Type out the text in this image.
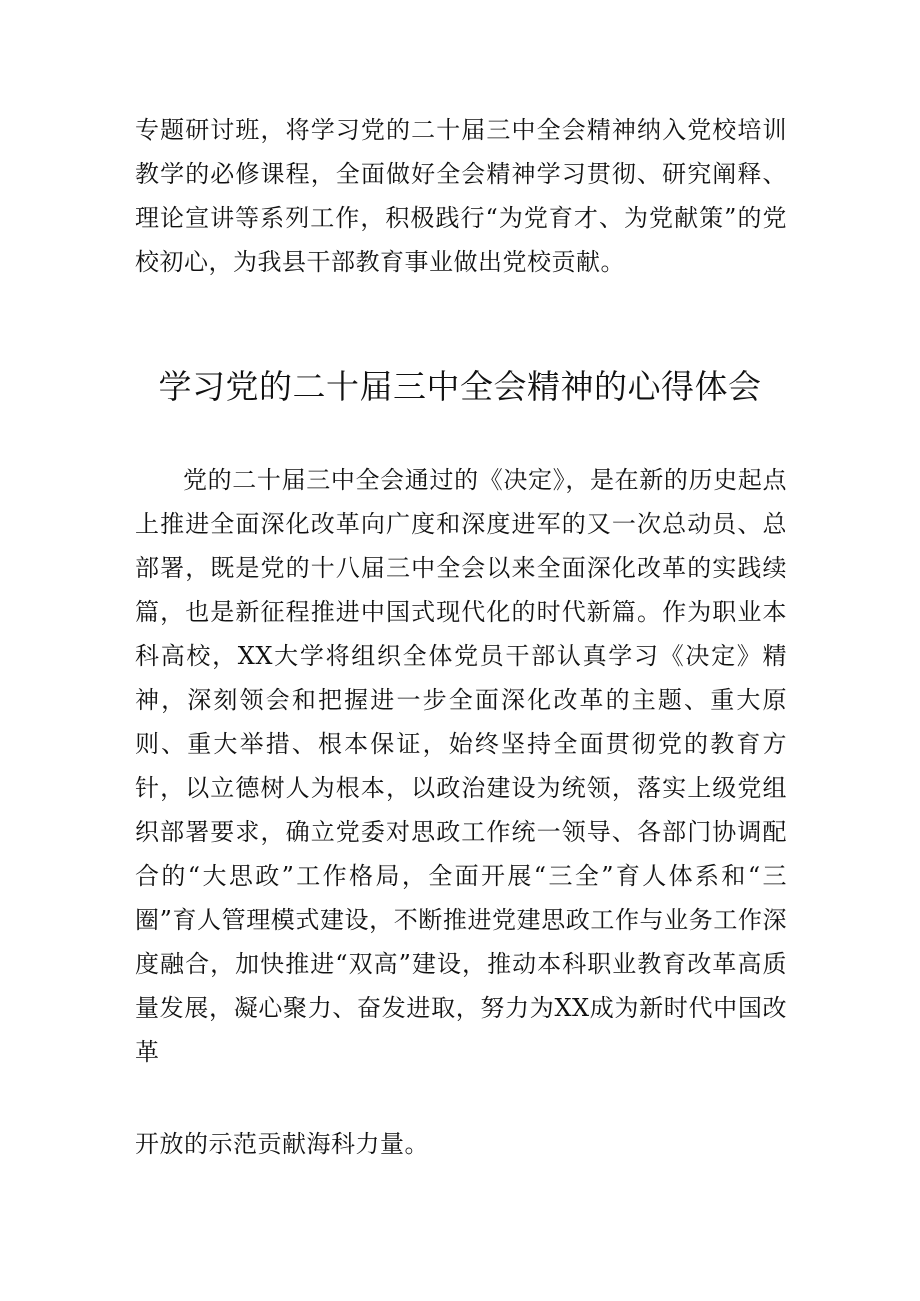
专题研讨班，将学习党的二十届三中全会精神纳入党校培训教学的必修课程，全面做好全会精神学习贯彻、研究阐释、理论宣讲等系列工作，积极践行“为党育才、为党献策”的党校初心，为我县干部教育事业做出党校贡献。

学习党的二十届三中全会精神的心得体会

党的二十届三中全会通过的《决定》，是在新的历史起点上推进全面深化改革向广度和深度进军的又一次总动员、总部署，既是党的十八届三中全会以来全面深化改革的实践续篇，也是新征程推进中国式现代化的时代新篇。作为职业本科高校，XX大学将组织全体党员干部认真学习《决定》精神，深刻领会和把握进一步全面深化改革的主题、重大原则、重大举措、根本保证，始终坚持全面贯彻党的教育方针，以立德树人为根本，以政治建设为统领，落实上级党组织部署要求，确立党委对思政工作统一领导、各部门协调配合的“大思政”工作格局，全面开展“三全”育人体系和“三圈”育人管理模式建设，不断推进党建思政工作与业务工作深度融合，加快推进“双高”建设，推动本科职业教育改革高质量发展，凝心聚力、奋发进取，努力为XX成为新时代中国改革

开放的示范贡献海科力量。
